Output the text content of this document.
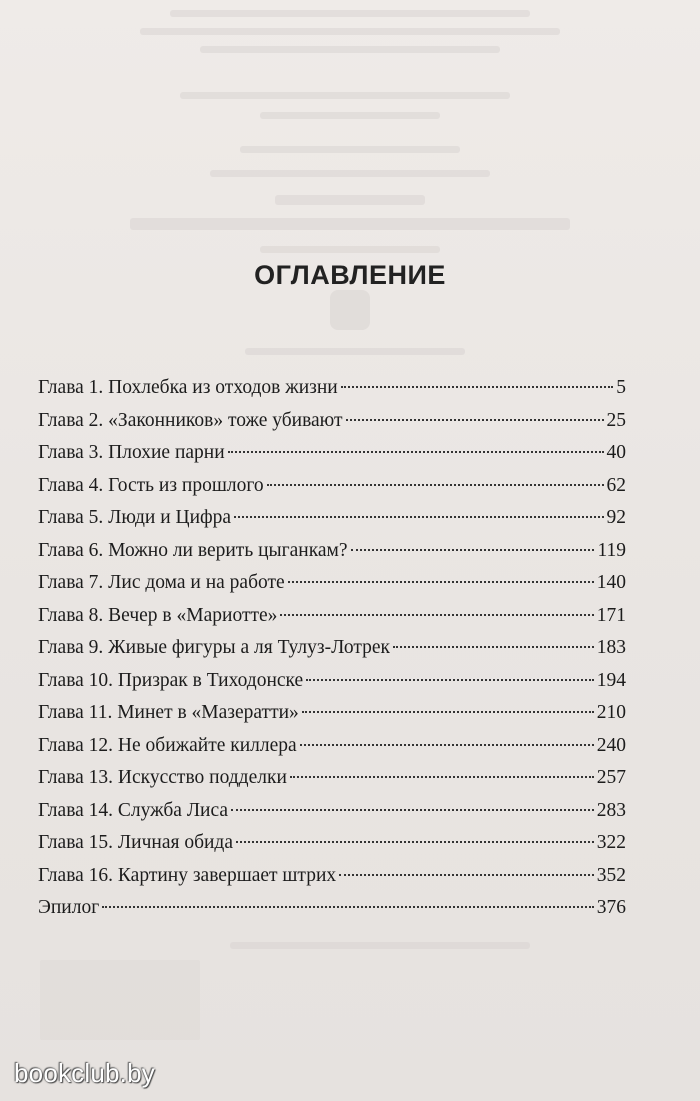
ОГЛАВЛЕНИЕ
Глава 1. Похлебка из отходов жизни	5
Глава 2. «Законников» тоже убивают	25
Глава 3. Плохие парни	40
Глава 4. Гость из прошлого	62
Глава 5. Люди и Цифра	92
Глава 6. Можно ли верить цыганкам?	119
Глава 7. Лис дома и на работе	140
Глава 8. Вечер в «Мариотте»	171
Глава 9. Живые фигуры а ля Тулуз-Лотрек	183
Глава 10. Призрак в Тиходонске	194
Глава 11. Минет в «Мазератти»	210
Глава 12. Не обижайте киллера	240
Глава 13. Искусство подделки	257
Глава 14. Служба Лиса	283
Глава 15. Личная обида	322
Глава 16. Картину завершает штрих	352
Эпилог	376
bookclub.by
